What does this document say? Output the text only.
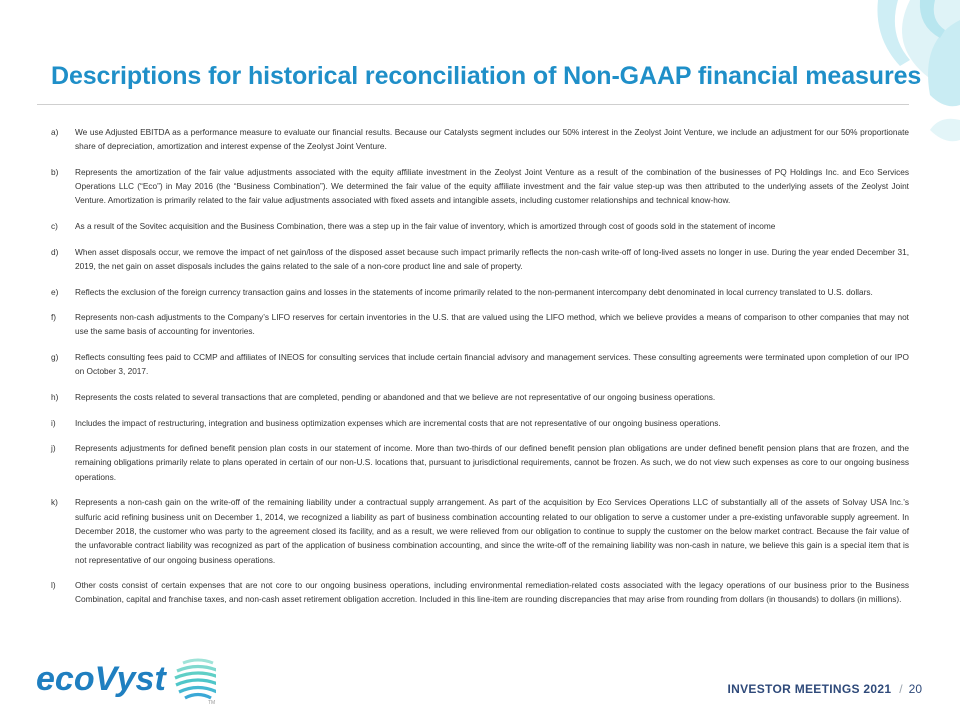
Descriptions for historical reconciliation of Non-GAAP financial measures
a) We use Adjusted EBITDA as a performance measure to evaluate our financial results. Because our Catalysts segment includes our 50% interest in the Zeolyst Joint Venture, we include an adjustment for our 50% proportionate share of depreciation, amortization and interest expense of the Zeolyst Joint Venture.
b) Represents the amortization of the fair value adjustments associated with the equity affiliate investment in the Zeolyst Joint Venture as a result of the combination of the businesses of PQ Holdings Inc. and Eco Services Operations LLC (“Eco”) in May 2016 (the “Business Combination”). We determined the fair value of the equity affiliate investment and the fair value step-up was then attributed to the underlying assets of the Zeolyst Joint Venture. Amortization is primarily related to the fair value adjustments associated with fixed assets and intangible assets, including customer relationships and technical know-how.
c) As a result of the Sovitec acquisition and the Business Combination, there was a step up in the fair value of inventory, which is amortized through cost of goods sold in the statement of income
d) When asset disposals occur, we remove the impact of net gain/loss of the disposed asset because such impact primarily reflects the non-cash write-off of long-lived assets no longer in use. During the year ended December 31, 2019, the net gain on asset disposals includes the gains related to the sale of a non-core product line and sale of property.
e) Reflects the exclusion of the foreign currency transaction gains and losses in the statements of income primarily related to the non-permanent intercompany debt denominated in local currency translated to U.S. dollars.
f) Represents non-cash adjustments to the Company’s LIFO reserves for certain inventories in the U.S. that are valued using the LIFO method, which we believe provides a means of comparison to other companies that may not use the same basis of accounting for inventories.
g) Reflects consulting fees paid to CCMP and affiliates of INEOS for consulting services that include certain financial advisory and management services. These consulting agreements were terminated upon completion of our IPO on October 3, 2017.
h) Represents the costs related to several transactions that are completed, pending or abandoned and that we believe are not representative of our ongoing business operations.
i) Includes the impact of restructuring, integration and business optimization expenses which are incremental costs that are not representative of our ongoing business operations.
j) Represents adjustments for defined benefit pension plan costs in our statement of income. More than two-thirds of our defined benefit pension plan obligations are under defined benefit pension plans that are frozen, and the remaining obligations primarily relate to plans operated in certain of our non-U.S. locations that, pursuant to jurisdictional requirements, cannot be frozen. As such, we do not view such expenses as core to our ongoing business operations.
k) Represents a non-cash gain on the write-off of the remaining liability under a contractual supply arrangement. As part of the acquisition by Eco Services Operations LLC of substantially all of the assets of Solvay USA Inc.’s sulfuric acid refining business unit on December 1, 2014, we recognized a liability as part of business combination accounting related to our obligation to serve a customer under a pre-existing unfavorable supply agreement. In December 2018, the customer who was party to the agreement closed its facility, and as a result, we were relieved from our obligation to continue to supply the customer on the below market contract. Because the fair value of the unfavorable contract liability was recognized as part of the application of business combination accounting, and since the write-off of the remaining liability was non-cash in nature, we believe this gain is a special item that is not representative of our ongoing business operations.
l) Other costs consist of certain expenses that are not core to our ongoing business operations, including environmental remediation-related costs associated with the legacy operations of our business prior to the Business Combination, capital and franchise taxes, and non-cash asset retirement obligation accretion. Included in this line-item are rounding discrepancies that may arise from rounding from dollars (in thousands) to dollars (in millions).
ecoVyst
TM
INVESTOR MEETINGS 2021 / 20
